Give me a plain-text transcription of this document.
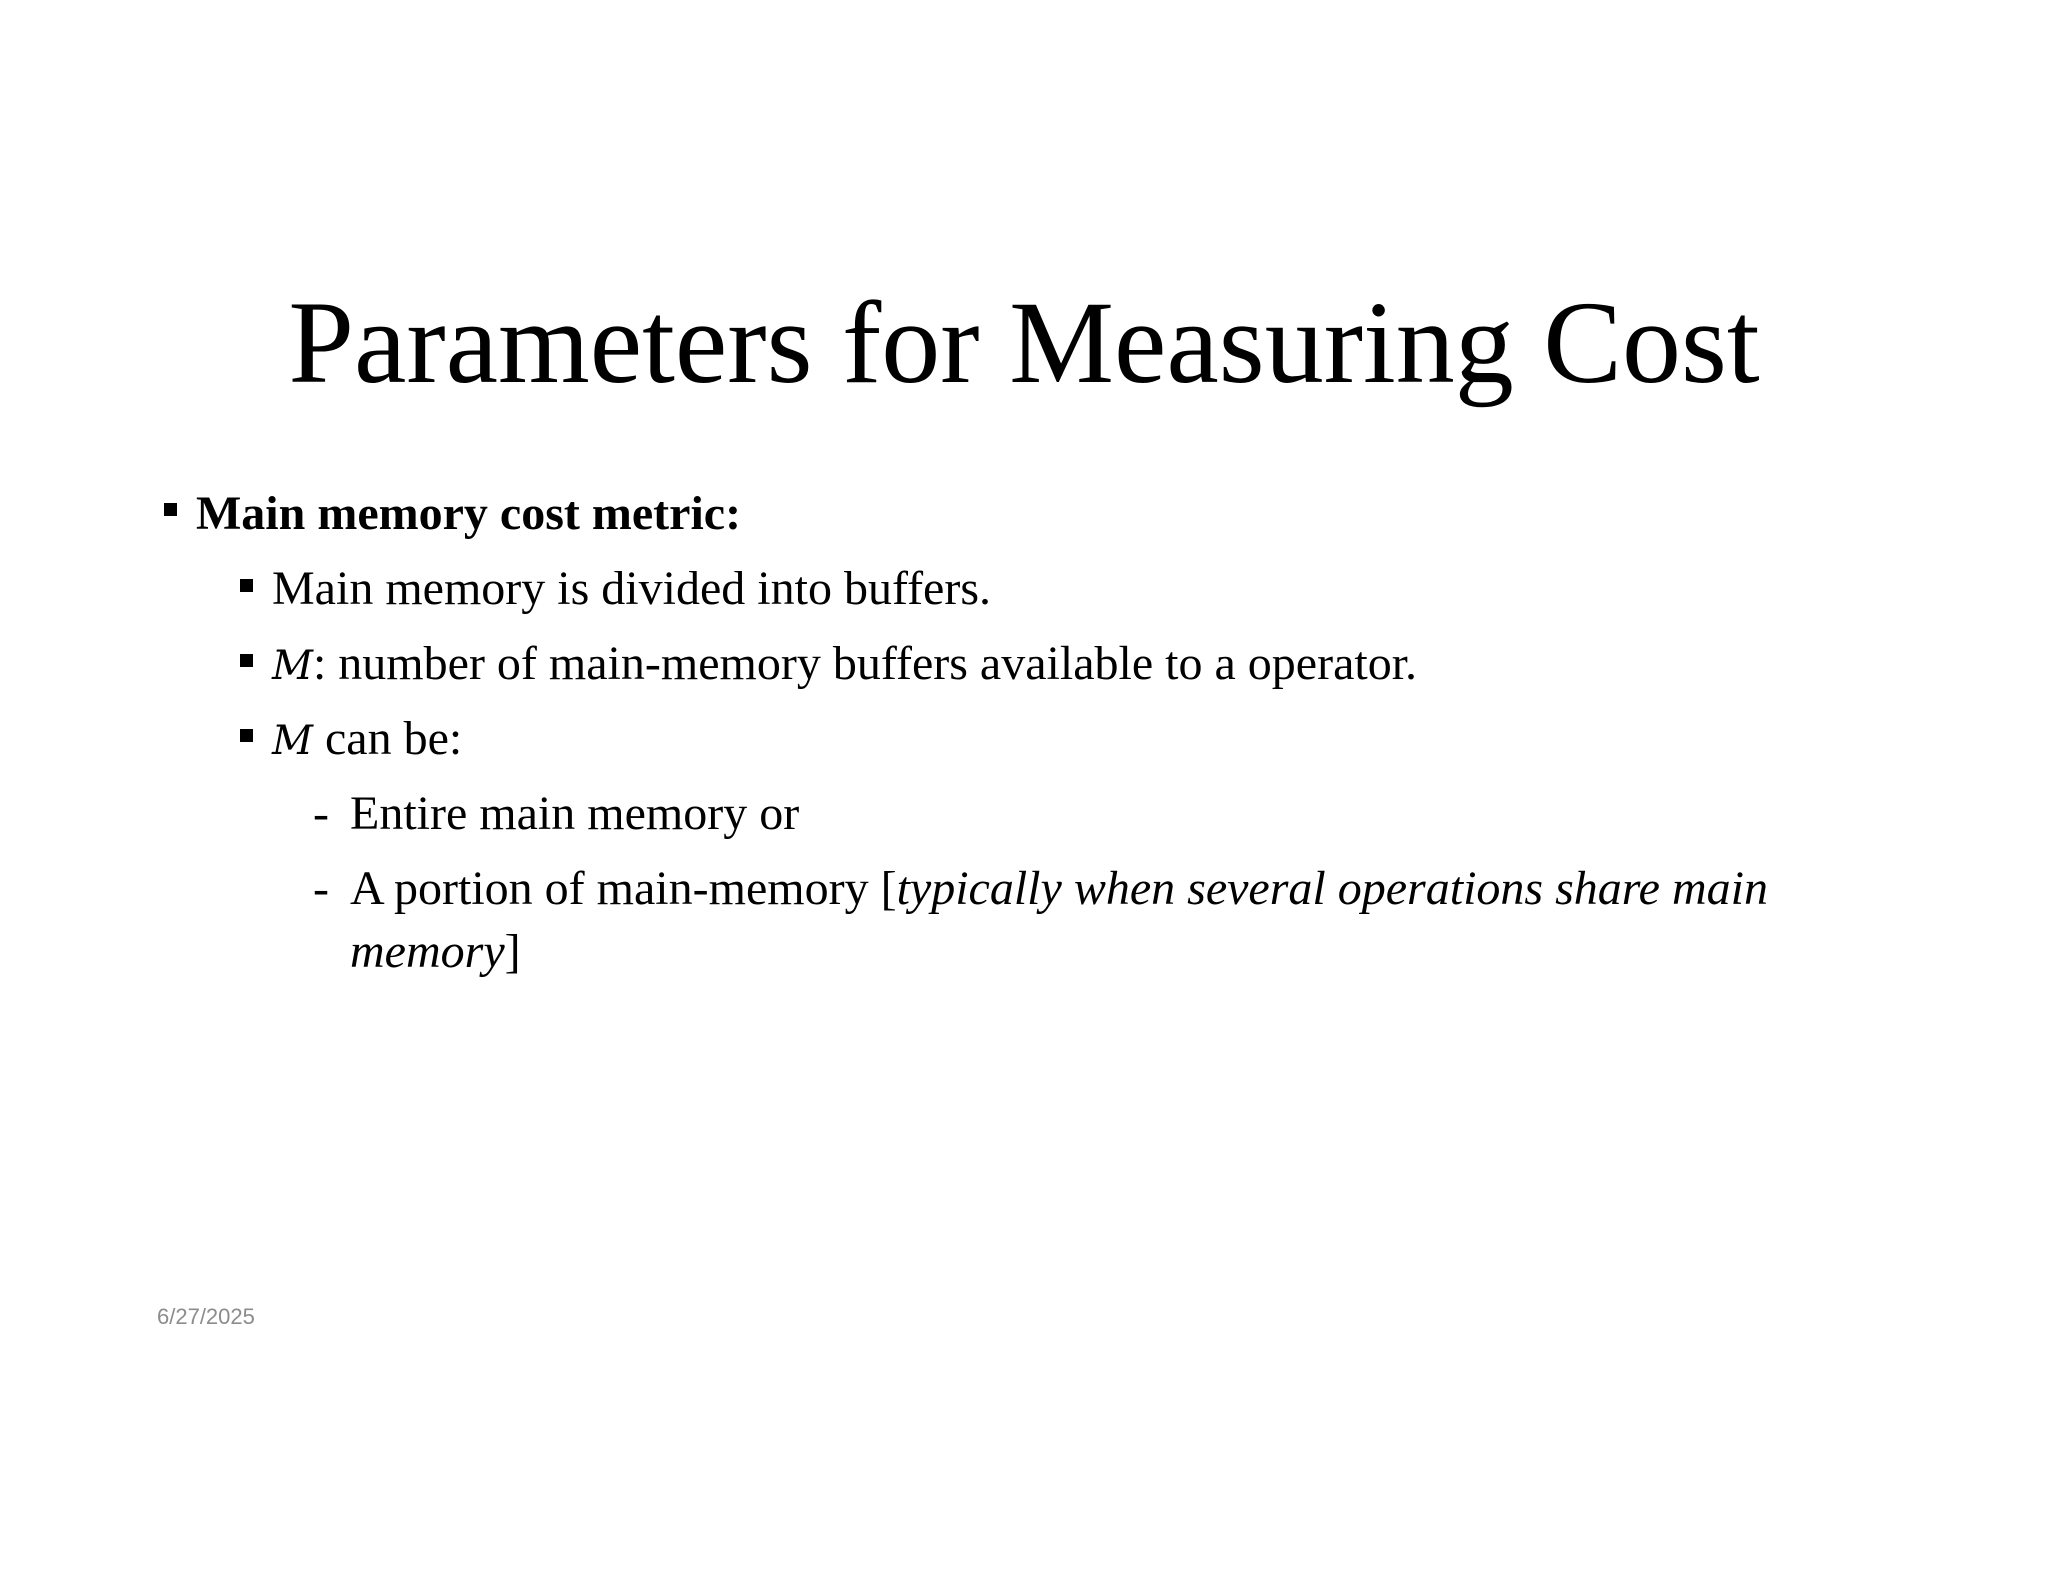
Parameters for Measuring Cost
Main memory cost metric:
Main memory is divided into buffers.
M: number of main-memory buffers available to a operator.
M can be:
- Entire main memory or
- A portion of main-memory [typically when several operations share main
memory]
6/27/2025
